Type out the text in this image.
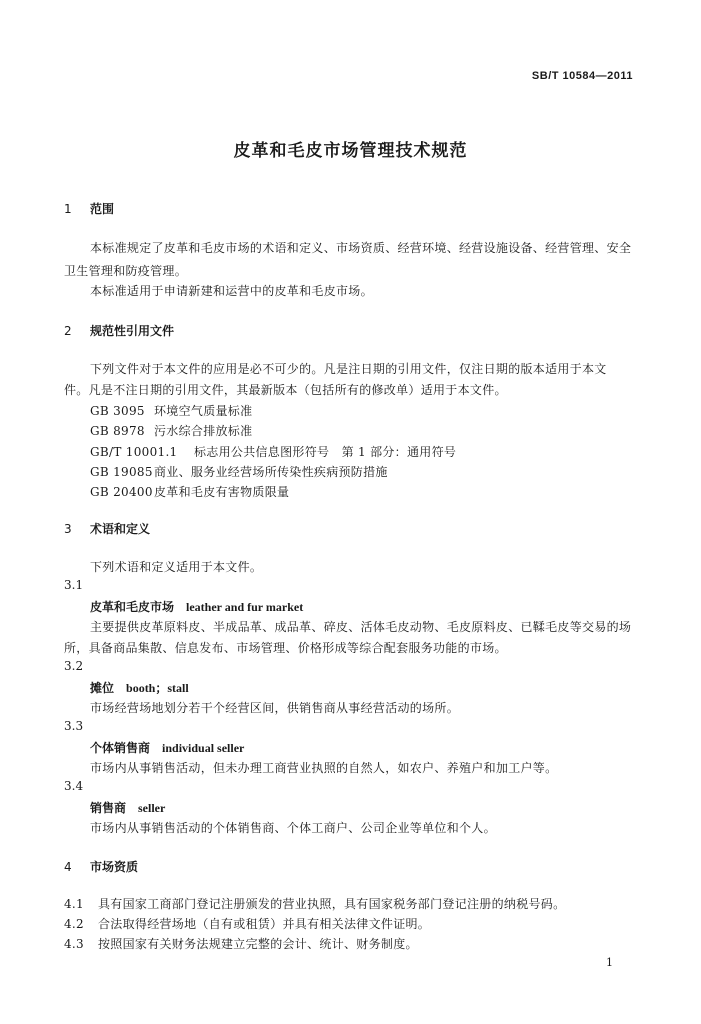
SB/T 10584—2011
皮革和毛皮市场管理技术规范
1 范围
本标准规定了皮革和毛皮市场的术语和定义、市场资质、经营环境、经营设施设备、经营管理、安全
卫生管理和防疫管理。
本标准适用于申请新建和运营中的皮革和毛皮市场。
2 规范性引用文件
下列文件对于本文件的应用是必不可少的。凡是注日期的引用文件，仅注日期的版本适用于本文
件。凡是不注日期的引用文件，其最新版本（包括所有的修改单）适用于本文件。
GB 3095 环境空气质量标准
GB 8978 污水综合排放标准
GB/T 10001.1 标志用公共信息图形符号　第 1 部分：通用符号
GB 19085商业、服务业经营场所传染性疾病预防措施
GB 20400皮革和毛皮有害物质限量
3 术语和定义
下列术语和定义适用于本文件。
3.1
皮革和毛皮市场 leather and fur market
主要提供皮革原料皮、半成品革、成品革、碎皮、活体毛皮动物、毛皮原料皮、已鞣毛皮等交易的场
所，具备商品集散、信息发布、市场管理、价格形成等综合配套服务功能的市场。
3.2
摊位 booth；stall
市场经营场地划分若干个经营区间，供销售商从事经营活动的场所。
3.3
个体销售商 individual seller
市场内从事销售活动，但未办理工商营业执照的自然人，如农户、养殖户和加工户等。
3.4
销售商 seller
市场内从事销售活动的个体销售商、个体工商户、公司企业等单位和个人。
4 市场资质
4.1 具有国家工商部门登记注册颁发的营业执照，具有国家税务部门登记注册的纳税号码。
4.2 合法取得经营场地（自有或租赁）并具有相关法律文件证明。
4.3 按照国家有关财务法规建立完整的会计、统计、财务制度。
1
